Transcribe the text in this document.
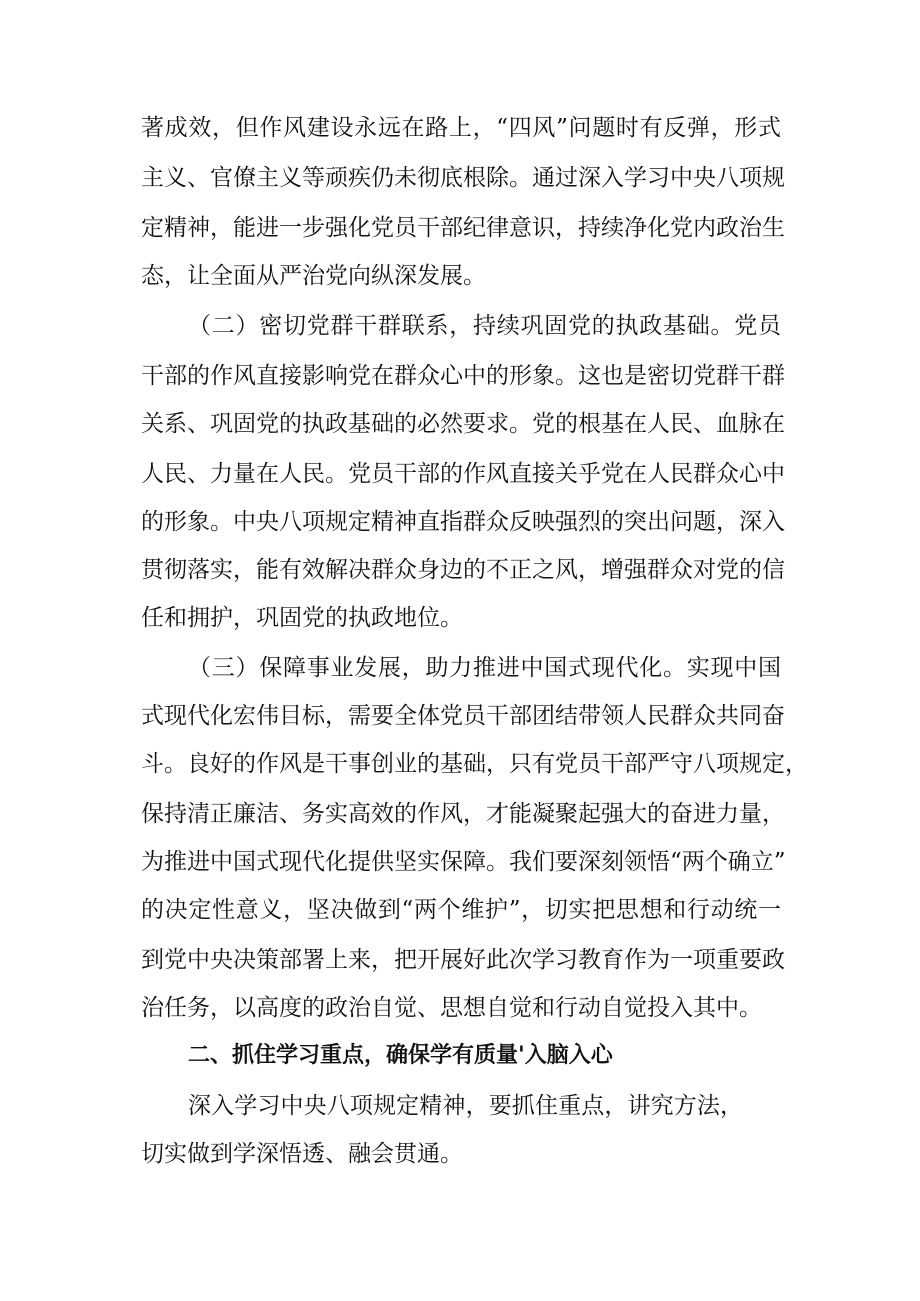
著成效，但作风建设永远在路上，“四风”问题时有反弹，形式
主义、官僚主义等顽疾仍未彻底根除。通过深入学习中央八项规
定精神，能进一步强化党员干部纪律意识，持续净化党内政治生
态，让全面从严治党向纵深发展。
（二）密切党群干群联系，持续巩固党的执政基础。党员
干部的作风直接影响党在群众心中的形象。这也是密切党群干群
关系、巩固党的执政基础的必然要求。党的根基在人民、血脉在
人民、力量在人民。党员干部的作风直接关乎党在人民群众心中
的形象。中央八项规定精神直指群众反映强烈的突出问题，深入
贯彻落实，能有效解决群众身边的不正之风，增强群众对党的信
任和拥护，巩固党的执政地位。
（三）保障事业发展，助力推进中国式现代化。实现中国
式现代化宏伟目标，需要全体党员干部团结带领人民群众共同奋
斗。良好的作风是干事创业的基础，只有党员干部严守八项规定，
保持清正廉洁、务实高效的作风，才能凝聚起强大的奋进力量，
为推进中国式现代化提供坚实保障。我们要深刻领悟“两个确立”
的决定性意义，坚决做到“两个维护”，切实把思想和行动统一
到党中央决策部署上来，把开展好此次学习教育作为一项重要政
治任务，以高度的政治自觉、思想自觉和行动自觉投入其中。
二、抓住学习重点，确保学有质量'入脑入心
深入学习中央八项规定精神，要抓住重点，讲究方法，
切实做到学深悟透、融会贯通。
